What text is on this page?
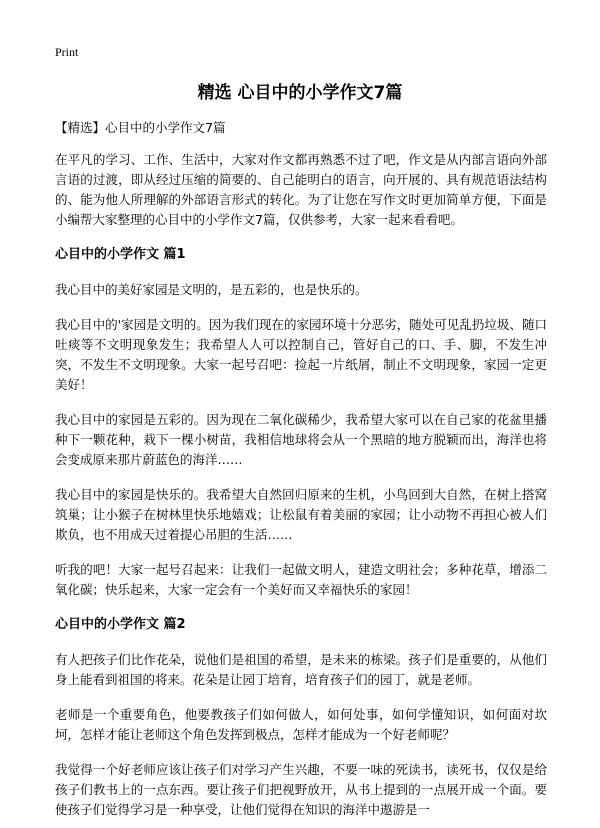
Print
精选 心目中的小学作文7篇

【精选】心目中的小学作文7篇

在平凡的学习、工作、生活中，大家对作文都再熟悉不过了吧，作文是从内部言语向外部言语的过渡，即从经过压缩的简要的、自己能明白的语言，向开展的、具有规范语法结构的、能为他人所理解的外部语言形式的转化。为了让您在写作文时更加简单方便，下面是小编帮大家整理的心目中的小学作文7篇，仅供参考，大家一起来看看吧。

心目中的小学作文 篇1

我心目中的美好家园是文明的，是五彩的，也是快乐的。

我心目中的'家园是文明的。因为我们现在的家园环境十分恶劣，随处可见乱扔垃圾、随口吐痰等不文明现象发生；我希望人人可以控制自己，管好自己的口、手、脚，不发生冲突，不发生不文明现象。大家一起号召吧：捡起一片纸屑，制止不文明现象，家园一定更美好！

我心目中的家园是五彩的。因为现在二氧化碳稀少，我希望大家可以在自己家的花盆里播种下一颗花种，栽下一棵小树苗，我相信地球将会从一个黑暗的地方脱颖而出，海洋也将会变成原来那片蔚蓝色的海洋……

我心目中的家园是快乐的。我希望大自然回归原来的生机，小鸟回到大自然，在树上搭窝筑巢；让小猴子在树林里快乐地嬉戏；让松鼠有着美丽的家园；让小动物不再担心被人们欺负，也不用成天过着提心吊胆的生活……

听我的吧！大家一起号召起来：让我们一起做文明人，建造文明社会；多种花草，增添二氧化碳；快乐起来，大家一定会有一个美好而又幸福快乐的家园！

心目中的小学作文 篇2

有人把孩子们比作花朵，说他们是祖国的希望，是未来的栋梁。孩子们是重要的，从他们身上能看到祖国的将来。花朵是让园丁培育，培育孩子们的园丁，就是老师。

老师是一个重要角色，他要教孩子们如何做人，如何处事，如何学懂知识，如何面对坎坷，怎样才能让老师这个角色发挥到极点，怎样才能成为一个好老师呢？

我觉得一个好老师应该让孩子们对学习产生兴趣，不要一味的死读书，读死书，仅仅是给孩子们教书上的一点东西。要让孩子们把视野放开，从书上提到的一点展开成一个面。要使孩子们觉得学习是一种享受，让他们觉得在知识的海洋中遨游是一
